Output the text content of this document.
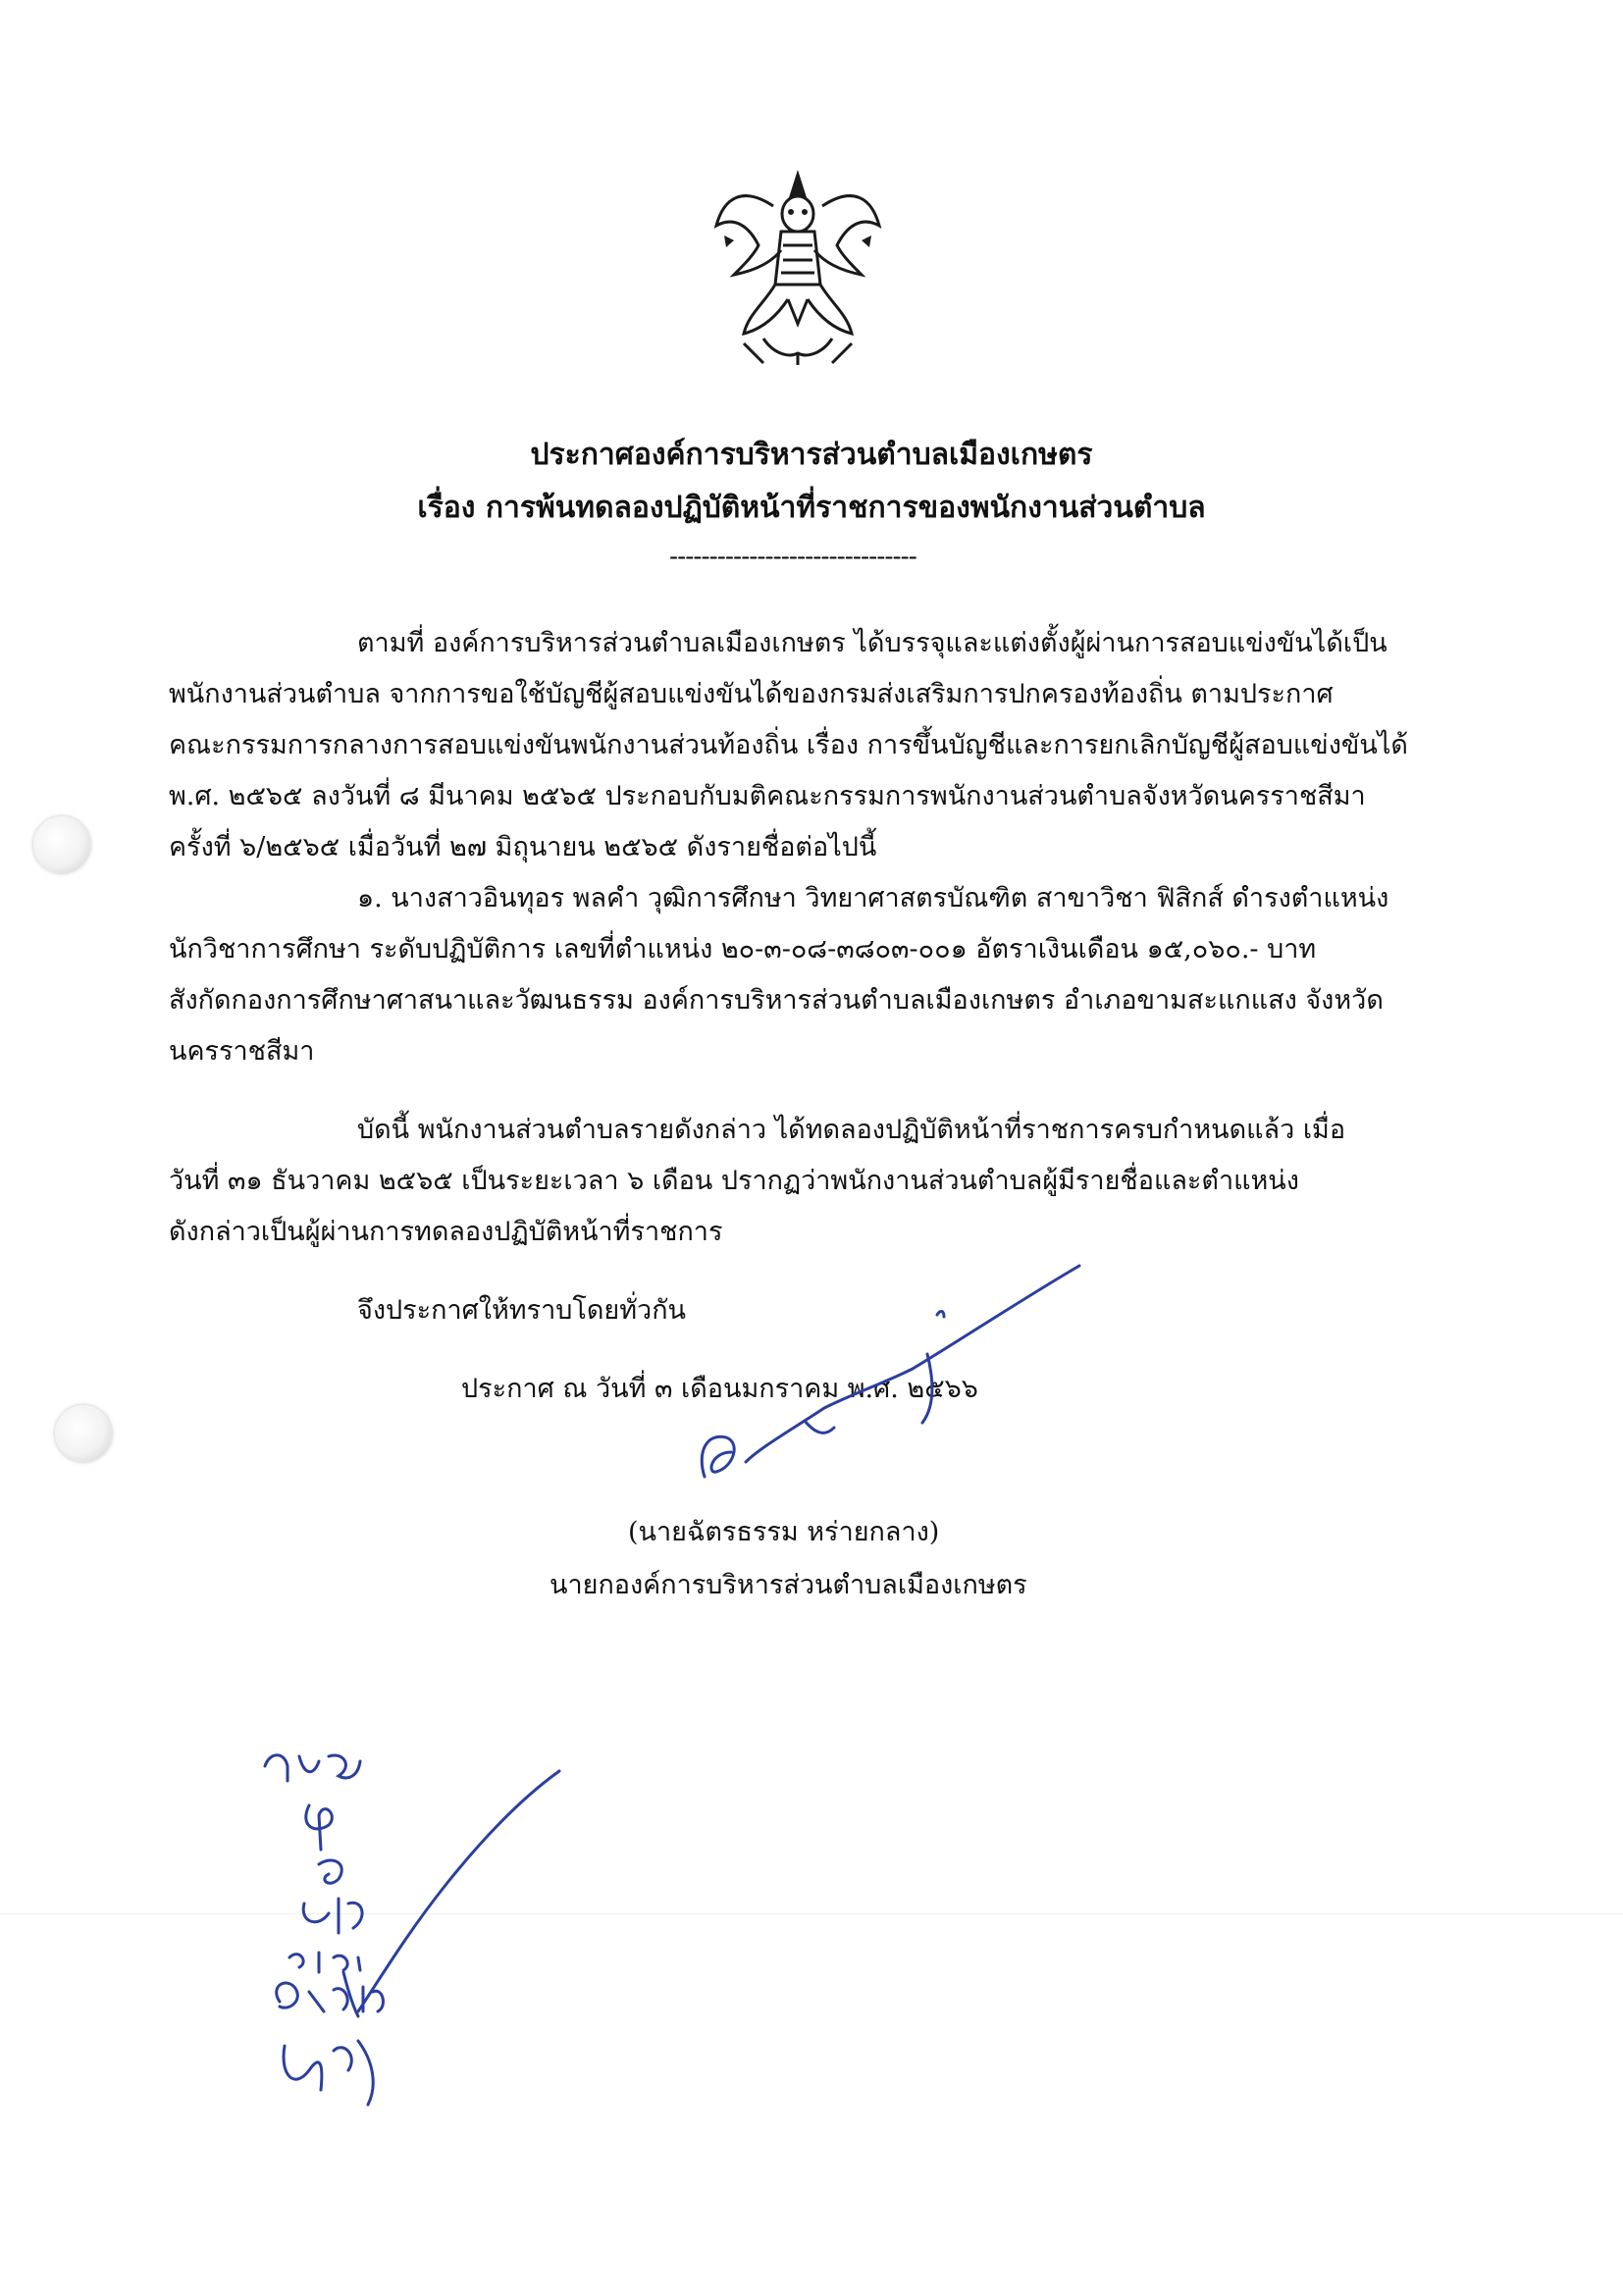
ประกาศองค์การบริหารส่วนตำบลเมืองเกษตร
เรื่อง การพ้นทดลองปฏิบัติหน้าที่ราชการของพนักงานส่วนตำบล
-------------------------------
ตามที่ องค์การบริหารส่วนตำบลเมืองเกษตร ได้บรรจุและแต่งตั้งผู้ผ่านการสอบแข่งขันได้เป็น
พนักงานส่วนตำบล จากการขอใช้บัญชีผู้สอบแข่งขันได้ของกรมส่งเสริมการปกครองท้องถิ่น ตามประกาศ
คณะกรรมการกลางการสอบแข่งขันพนักงานส่วนท้องถิ่น เรื่อง การขึ้นบัญชีและการยกเลิกบัญชีผู้สอบแข่งขันได้
พ.ศ. ๒๕๖๕ ลงวันที่ ๘ มีนาคม ๒๕๖๕ ประกอบกับมติคณะกรรมการพนักงานส่วนตำบลจังหวัดนครราชสีมา
ครั้งที่ ๖/๒๕๖๕ เมื่อวันที่ ๒๗ มิถุนายน ๒๕๖๕ ดังรายชื่อต่อไปนี้
๑. นางสาวอินทุอร พลคำ วุฒิการศึกษา วิทยาศาสตรบัณฑิต สาขาวิชา ฟิสิกส์ ดำรงตำแหน่ง
นักวิชาการศึกษา ระดับปฏิบัติการ เลขที่ตำแหน่ง ๒๐-๓-๐๘-๓๘๐๓-๐๐๑ อัตราเงินเดือน ๑๕,๐๖๐.- บาท
สังกัดกองการศึกษาศาสนาและวัฒนธรรม องค์การบริหารส่วนตำบลเมืองเกษตร อำเภอขามสะแกแสง จังหวัด
นครราชสีมา
บัดนี้ พนักงานส่วนตำบลรายดังกล่าว ได้ทดลองปฏิบัติหน้าที่ราชการครบกำหนดแล้ว เมื่อ
วันที่ ๓๑ ธันวาคม ๒๕๖๕ เป็นระยะเวลา ๖ เดือน ปรากฏว่าพนักงานส่วนตำบลผู้มีรายชื่อและตำแหน่ง
ดังกล่าวเป็นผู้ผ่านการทดลองปฏิบัติหน้าที่ราชการ
จึงประกาศให้ทราบโดยทั่วกัน
ประกาศ ณ วันที่ ๓ เดือนมกราคม พ.ศ. ๒๕๖๖
(นายฉัตรธรรม หร่ายกลาง)
นายกองค์การบริหารส่วนตำบลเมืองเกษตร
